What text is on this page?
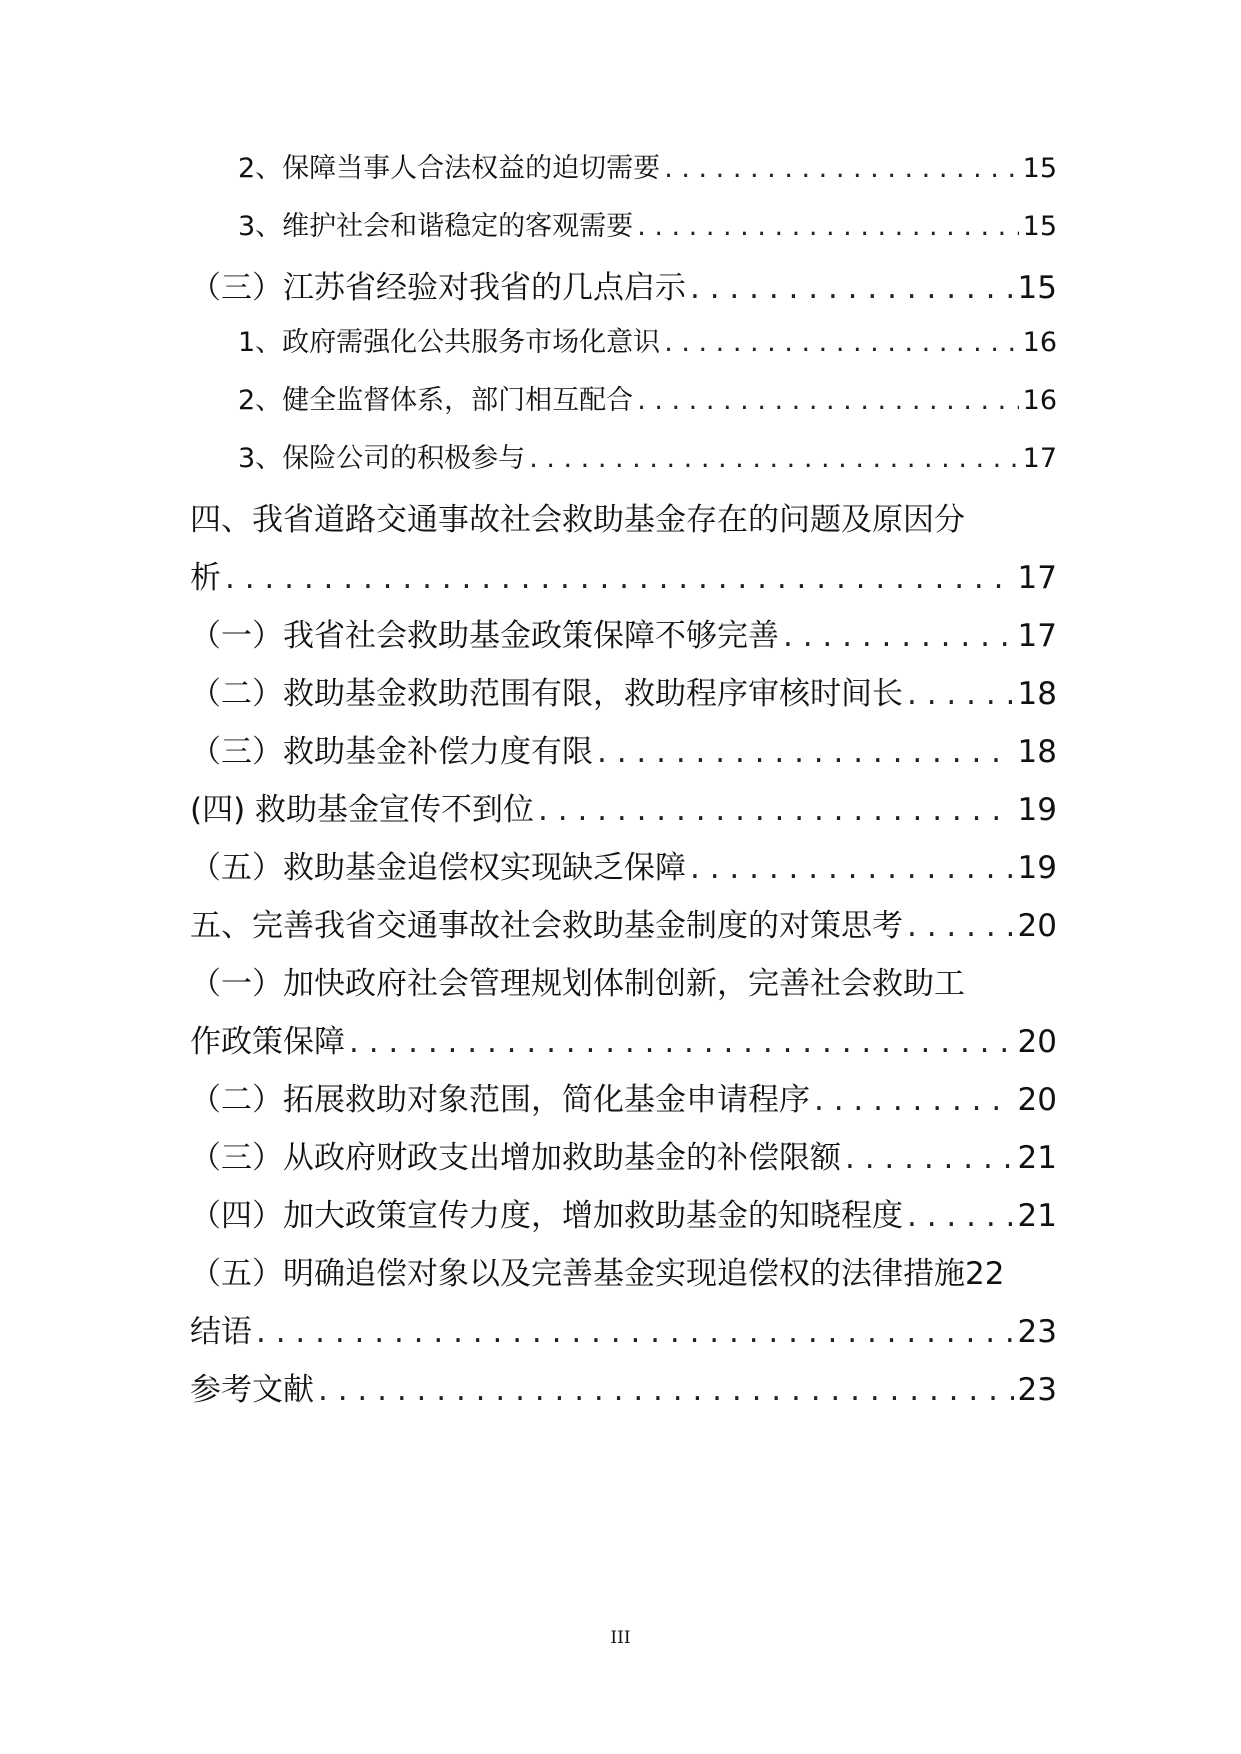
2、保障当事人合法权益的迫切需要 . . .	15
3、维护社会和谐稳定的客观需要 . . .	15
（三）江苏省经验对我省的几点启示 . . .	15
1、政府需强化公共服务市场化意识 . . .	16
2、健全监督体系，部门相互配合 . . .	16
3、保险公司的积极参与 . . .	17
四、我省道路交通事故社会救助基金存在的问题及原因分
析 . . .	17
（一）我省社会救助基金政策保障不够完善 . . .	17
（二）救助基金救助范围有限，救助程序审核时间长 . . .	18
（三）救助基金补偿力度有限 . . .	18
(四) 救助基金宣传不到位 . . .	19
（五）救助基金追偿权实现缺乏保障 . . .	19
五、完善我省交通事故社会救助基金制度的对策思考 . . .	20
（一）加快政府社会管理规划体制创新，完善社会救助工
作政策保障 . . .	20
（二）拓展救助对象范围，简化基金申请程序 . . .	20
（三）从政府财政支出增加救助基金的补偿限额 . . .	21
（四）加大政策宣传力度，增加救助基金的知晓程度 . . .	21
（五）明确追偿对象以及完善基金实现追偿权的法律措施 22
结语 . . .	23
参考文献 . . .	23
III
